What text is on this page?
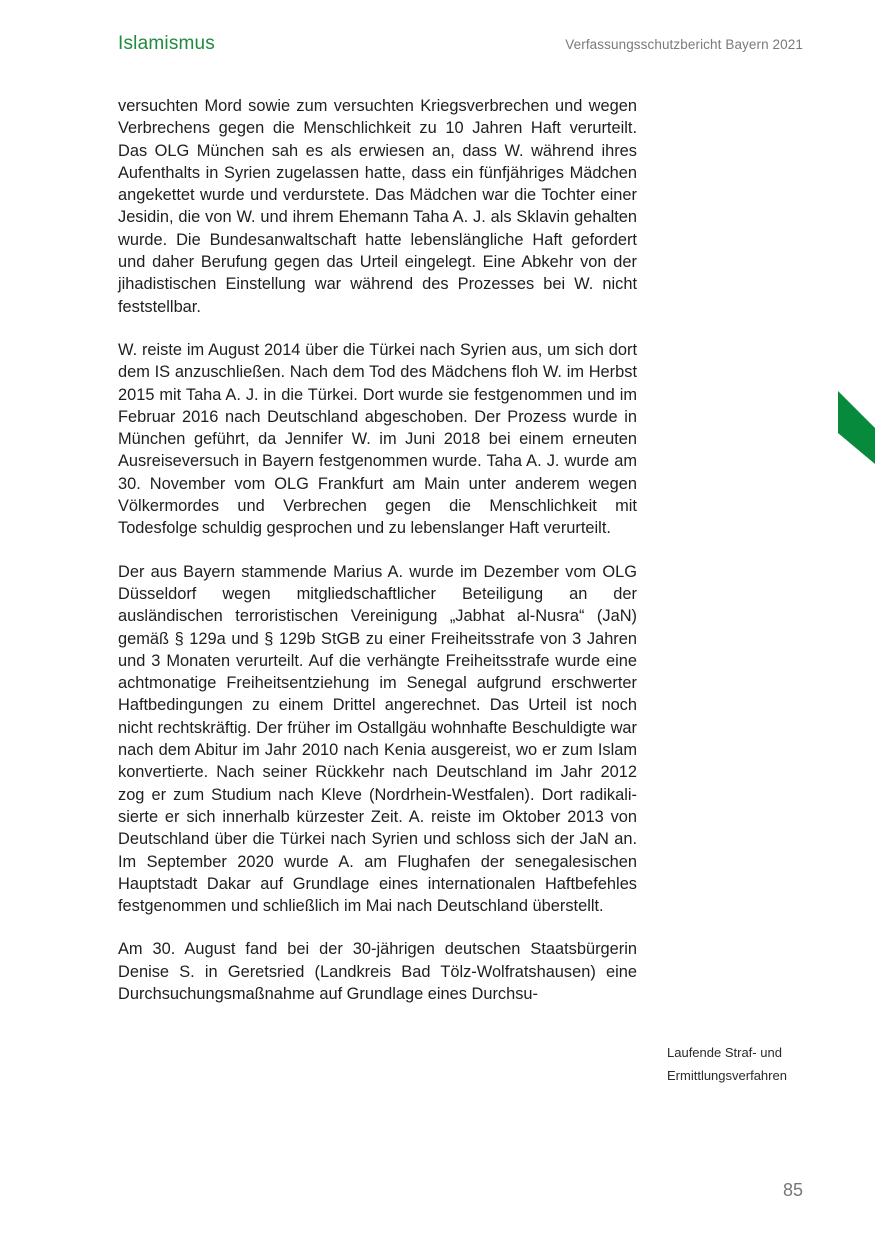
Islamismus	Verfassungsschutzbericht Bayern 2021

versuchten Mord sowie zum versuchten Kriegsverbrechen und wegen Verbrechens gegen die Menschlichkeit zu 10 Jahren Haft verurteilt. Das OLG München sah es als erwiesen an, dass W. während ihres Aufenthalts in Syrien zugelassen hatte, dass ein fünfjähriges Mädchen angekettet wurde und verdurstete. Das Mädchen war die Tochter einer Jesidin, die von W. und ihrem Ehemann Taha A. J. als Sklavin gehalten wurde. Die Bundesanwaltschaft hatte lebenslängliche Haft gefordert und daher Berufung gegen das Urteil eingelegt. Eine Abkehr von der jihadistischen Einstellung war während des Prozesses bei W. nicht feststellbar.

W. reiste im August 2014 über die Türkei nach Syrien aus, um sich dort dem IS anzuschließen. Nach dem Tod des Mädchens floh W. im Herbst 2015 mit Taha A. J. in die Türkei. Dort wurde sie festgenommen und im Februar 2016 nach Deutschland abgeschoben. Der Prozess wurde in München geführt, da Jennifer W. im Juni 2018 bei einem erneuten Ausreiseversuch in Bayern festgenommen wurde. Taha A. J. wurde am 30. November vom OLG Frankfurt am Main unter anderem wegen Völkermordes und Verbrechen gegen die Menschlichkeit mit Todesfolge schuldig gesprochen und zu lebenslanger Haft verurteilt.

Der aus Bayern stammende Marius A. wurde im Dezember vom OLG Düsseldorf wegen mitgliedschaftlicher Beteiligung an der ausländischen terroristischen Vereinigung „Jabhat al-Nusra“ (JaN) gemäß § 129a und § 129b StGB zu einer Freiheitsstrafe von 3 Jahren und 3 Monaten verurteilt. Auf die verhängte Freiheitsstrafe wurde eine achtmonatige Freiheitsentziehung im Senegal aufgrund erschwerter Haftbedingungen zu einem Drittel angerechnet. Das Urteil ist noch nicht rechtskräftig. Der früher im Ostallgäu wohnhafte Beschuldigte war nach dem Abitur im Jahr 2010 nach Kenia ausgereist, wo er zum Islam konvertierte. Nach seiner Rückkehr nach Deutschland im Jahr 2012 zog er zum Studium nach Kleve (Nordrhein-Westfalen). Dort radikalisierte er sich innerhalb kürzester Zeit. A. reiste im Oktober 2013 von Deutschland über die Türkei nach Syrien und schloss sich der JaN an. Im September 2020 wurde A. am Flughafen der senegalesischen Hauptstadt Dakar auf Grundlage eines internationalen Haftbefehles festgenommen und schließlich im Mai nach Deutschland überstellt.

Am 30. August fand bei der 30-jährigen deutschen Staatsbürgerin Denise S. in Geretsried (Landkreis Bad Tölz-Wolfratshausen) eine Durchsuchungsmaßnahme auf Grundlage eines Durchsu-

Laufende Straf- und
Ermittlungsverfahren
85
